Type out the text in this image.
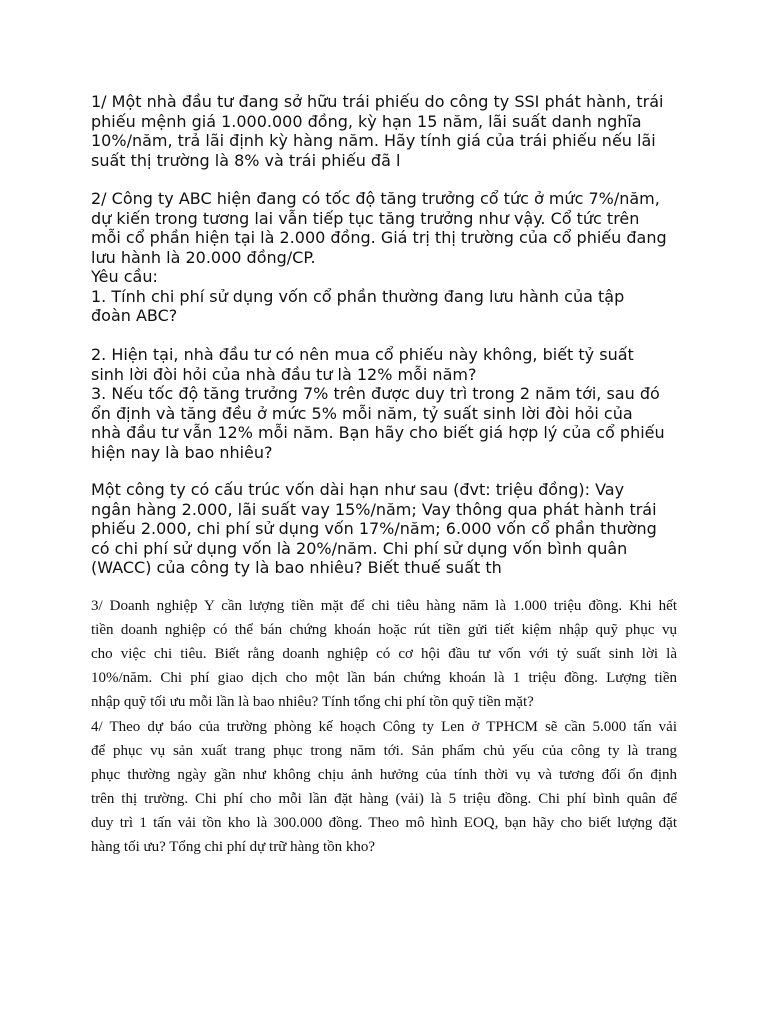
1/ Một nhà đầu tư đang sở hữu trái phiếu do công ty SSI phát hành, trái
phiếu mệnh giá 1.000.000 đồng, kỳ hạn 15 năm, lãi suất danh nghĩa
10%/năm, trả lãi định kỳ hàng năm. Hãy tính giá của trái phiếu nếu lãi
suất thị trường là 8% và trái phiếu đã l
2/ Công ty ABC hiện đang có tốc độ tăng trưởng cổ tức ở mức 7%/năm,
dự kiến trong tương lai vẫn tiếp tục tăng trưởng như vậy. Cổ tức trên
mỗi cổ phần hiện tại là 2.000 đồng. Giá trị thị trường của cổ phiếu đang
lưu hành là 20.000 đồng/CP.
Yêu cầu:
1. Tính chi phí sử dụng vốn cổ phần thường đang lưu hành của tập
đoàn ABC?
2. Hiện tại, nhà đầu tư có nên mua cổ phiếu này không, biết tỷ suất
sinh lời đòi hỏi của nhà đầu tư là 12% mỗi năm?
3. Nếu tốc độ tăng trưởng 7% trên được duy trì trong 2 năm tới, sau đó
ổn định và tăng đều ở mức 5% mỗi năm, tỷ suất sinh lời đòi hỏi của
nhà đầu tư vẫn 12% mỗi năm. Bạn hãy cho biết giá hợp lý của cổ phiếu
hiện nay là bao nhiêu?
Một công ty có cấu trúc vốn dài hạn như sau (đvt: triệu đồng): Vay
ngân hàng 2.000, lãi suất vay 15%/năm; Vay thông qua phát hành trái
phiếu 2.000, chi phí sử dụng vốn 17%/năm; 6.000 vốn cổ phần thường
có chi phí sử dụng vốn là 20%/năm. Chi phí sử dụng vốn bình quân
(WACC) của công ty là bao nhiêu? Biết thuế suất th
3/ Doanh nghiệp Y cần lượng tiền mặt để chi tiêu hàng năm là 1.000 triệu đồng. Khi hết
tiền doanh nghiệp có thể bán chứng khoán hoặc rút tiền gửi tiết kiệm nhập quỹ phục vụ
cho việc chi tiêu. Biết rằng doanh nghiệp có cơ hội đầu tư vốn với tỷ suất sinh lời là
10%/năm. Chi phí giao dịch cho một lần bán chứng khoán là 1 triệu đồng. Lượng tiền
nhập quỹ tối ưu mỗi lần là bao nhiêu? Tính tổng chi phí tồn quỹ tiền mặt?
4/ Theo dự báo của trường phòng kế hoạch Công ty Len ở TPHCM sẽ cần 5.000 tấn vải
để phục vụ sản xuất trang phục trong năm tới. Sản phẩm chủ yếu của công ty là trang
phục thường ngày gần như không chịu ảnh hưởng của tính thời vụ và tương đối ổn định
trên thị trường. Chi phí cho mỗi lần đặt hàng (vải) là 5 triệu đồng. Chi phí bình quân để
duy trì 1 tấn vải tồn kho là 300.000 đồng. Theo mô hình EOQ, bạn hãy cho biết lượng đặt
hàng tối ưu? Tổng chi phí dự trữ hàng tồn kho?
